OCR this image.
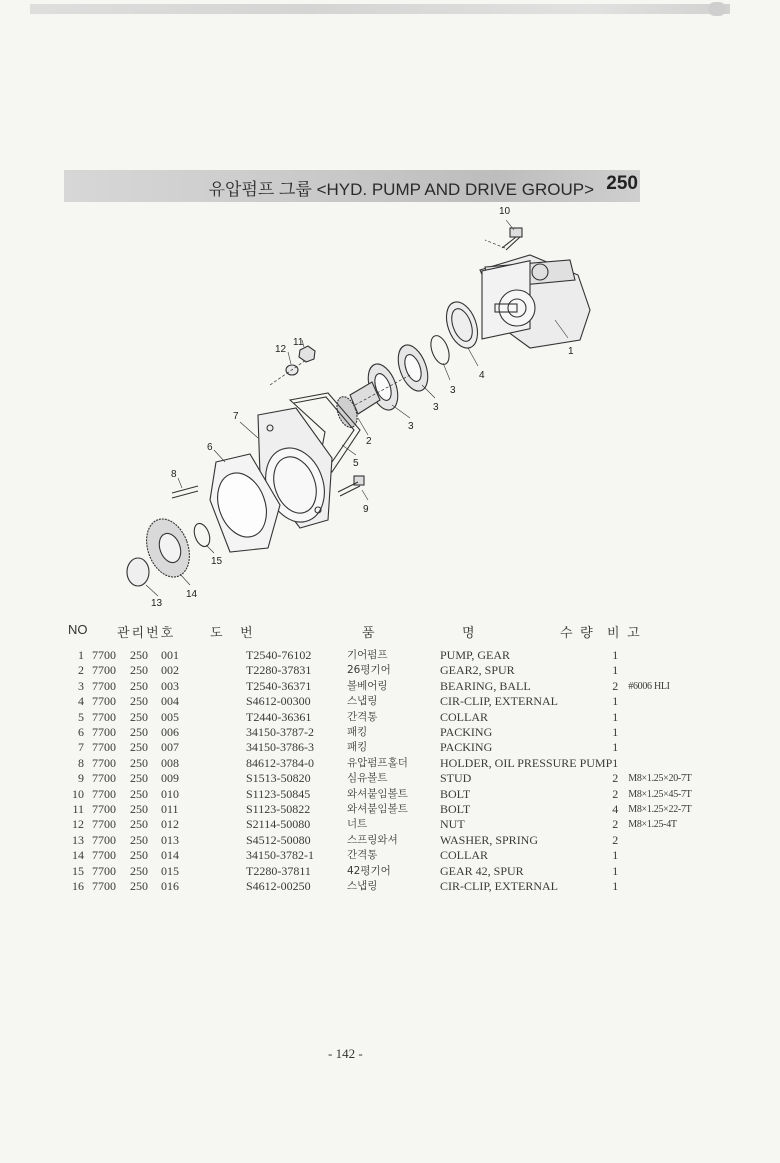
유압펌프 그룹 <HYD. PUMP AND DRIVE GROUP> 250
10
1
4
3
3
3
2
5
7
6
8
9
11
12
15
14
13
NO 관리번호	도 번	품	명	수 량 비 고
1	7700	250	001	T2540-76102	기어펌프	PUMP, GEAR	1	
2	7700	250	002	T2280-37831	26평기어	GEAR2, SPUR	1	
3	7700	250	003	T2540-36371	볼베어링	BEARING, BALL	2	#6006 HLI
4	7700	250	004	S4612-00300	스냅링	CIR-CLIP, EXTERNAL	1	
5	7700	250	005	T2440-36361	간격통	COLLAR	1	
6	7700	250	006	34150-3787-2	패킹	PACKING	1	
7	7700	250	007	34150-3786-3	패킹	PACKING	1	
8	7700	250	008	84612-3784-0	유압펌프홀더	HOLDER, OIL PRESSURE PUMP	1	
9	7700	250	009	S1513-50820	심유볼트	STUD	2	M8×1.25×20-7T
10	7700	250	010	S1123-50845	와셔붙임볼트	BOLT	2	M8×1.25×45-7T
11	7700	250	011	S1123-50822	와셔붙임볼트	BOLT	4	M8×1.25×22-7T
12	7700	250	012	S2114-50080	너트	NUT	2	M8×1.25-4T
13	7700	250	013	S4512-50080	스프링와셔	WASHER, SPRING	2	
14	7700	250	014	34150-3782-1	간격통	COLLAR	1	
15	7700	250	015	T2280-37811	42평기어	GEAR 42, SPUR	1	
16	7700	250	016	S4612-00250	스냅링	CIR-CLIP, EXTERNAL	1	
- 142 -
